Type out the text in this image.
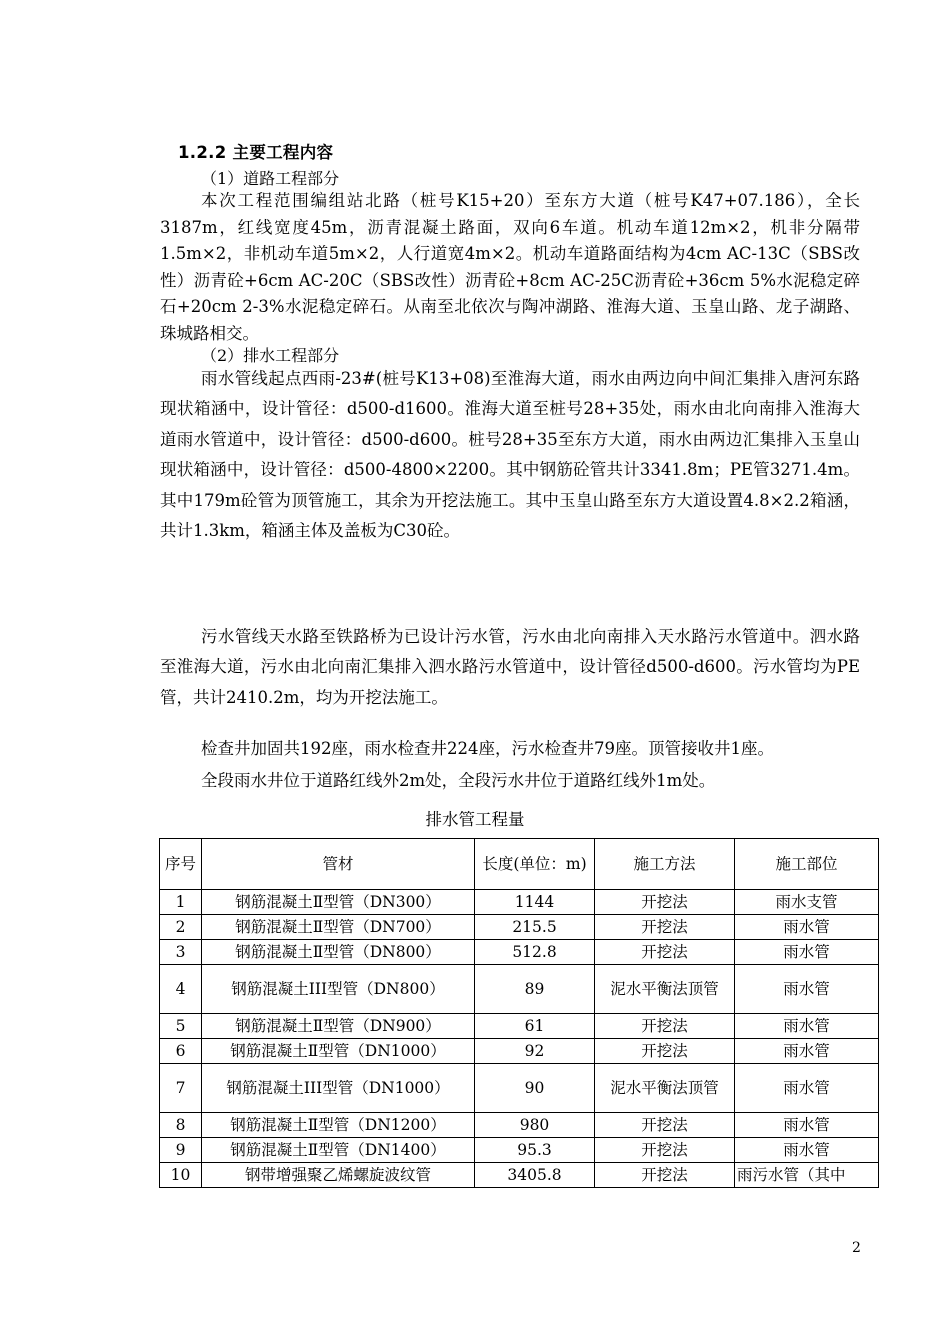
1.2.2 主要工程内容
（1）道路工程部分

本次工程范围编组站北路（桩号K15+20）至东方大道（桩号K47+07.186），全长3187m，红线宽度45m，沥青混凝土路面，双向6车道。机动车道12m×2，机非分隔带1.5m×2，非机动车道5m×2，人行道宽4m×2。机动车道路面结构为4cm AC-13C（SBS改性）沥青砼+6cm AC-20C（SBS改性）沥青砼+8cm AC-25C沥青砼+36cm 5%水泥稳定碎石+20cm 2-3%水泥稳定碎石。从南至北依次与陶冲湖路、淮海大道、玉皇山路、龙子湖路、珠城路相交。

（2）排水工程部分

雨水管线起点西雨-23#(桩号K13+08)至淮海大道，雨水由两边向中间汇集排入唐河东路现状箱涵中，设计管径：d500-d1600。淮海大道至桩号28+35处，雨水由北向南排入淮海大道雨水管道中，设计管径：d500-d600。桩号28+35至东方大道，雨水由两边汇集排入玉皇山现状箱涵中，设计管径：d500-4800×2200。其中钢筋砼管共计3341.8m；PE管3271.4m。其中179m砼管为顶管施工，其余为开挖法施工。其中玉皇山路至东方大道设置4.8×2.2箱涵，共计1.3km，箱涵主体及盖板为C30砼。

污水管线天水路至铁路桥为已设计污水管，污水由北向南排入天水路污水管道中。泗水路至淮海大道，污水由北向南汇集排入泗水路污水管道中，设计管径d500-d600。污水管均为PE管，共计2410.2m，均为开挖法施工。

检查井加固共192座，雨水检查井224座，污水检查井79座。顶管接收井1座。

全段雨水井位于道路红线外2m处，全段污水井位于道路红线外1m处。

排水管工程量
序号	管材	长度(单位：m)	施工方法	施工部位
1	钢筋混凝土Ⅱ型管（DN300）	1144	开挖法	雨水支管
2	钢筋混凝土Ⅱ型管（DN700）	215.5	开挖法	雨水管
3	钢筋混凝土Ⅱ型管（DN800）	512.8	开挖法	雨水管
4	钢筋混凝土III型管（DN800）	89	泥水平衡法顶管	雨水管
5	钢筋混凝土Ⅱ型管（DN900）	61	开挖法	雨水管
6	钢筋混凝土Ⅱ型管（DN1000）	92	开挖法	雨水管
7	钢筋混凝土III型管（DN1000）	90	泥水平衡法顶管	雨水管
8	钢筋混凝土Ⅱ型管（DN1200）	980	开挖法	雨水管
9	钢筋混凝土Ⅱ型管（DN1400）	95.3	开挖法	雨水管
10	钢带增强聚乙烯螺旋波纹管	3405.8	开挖法	雨污水管（其中
2
